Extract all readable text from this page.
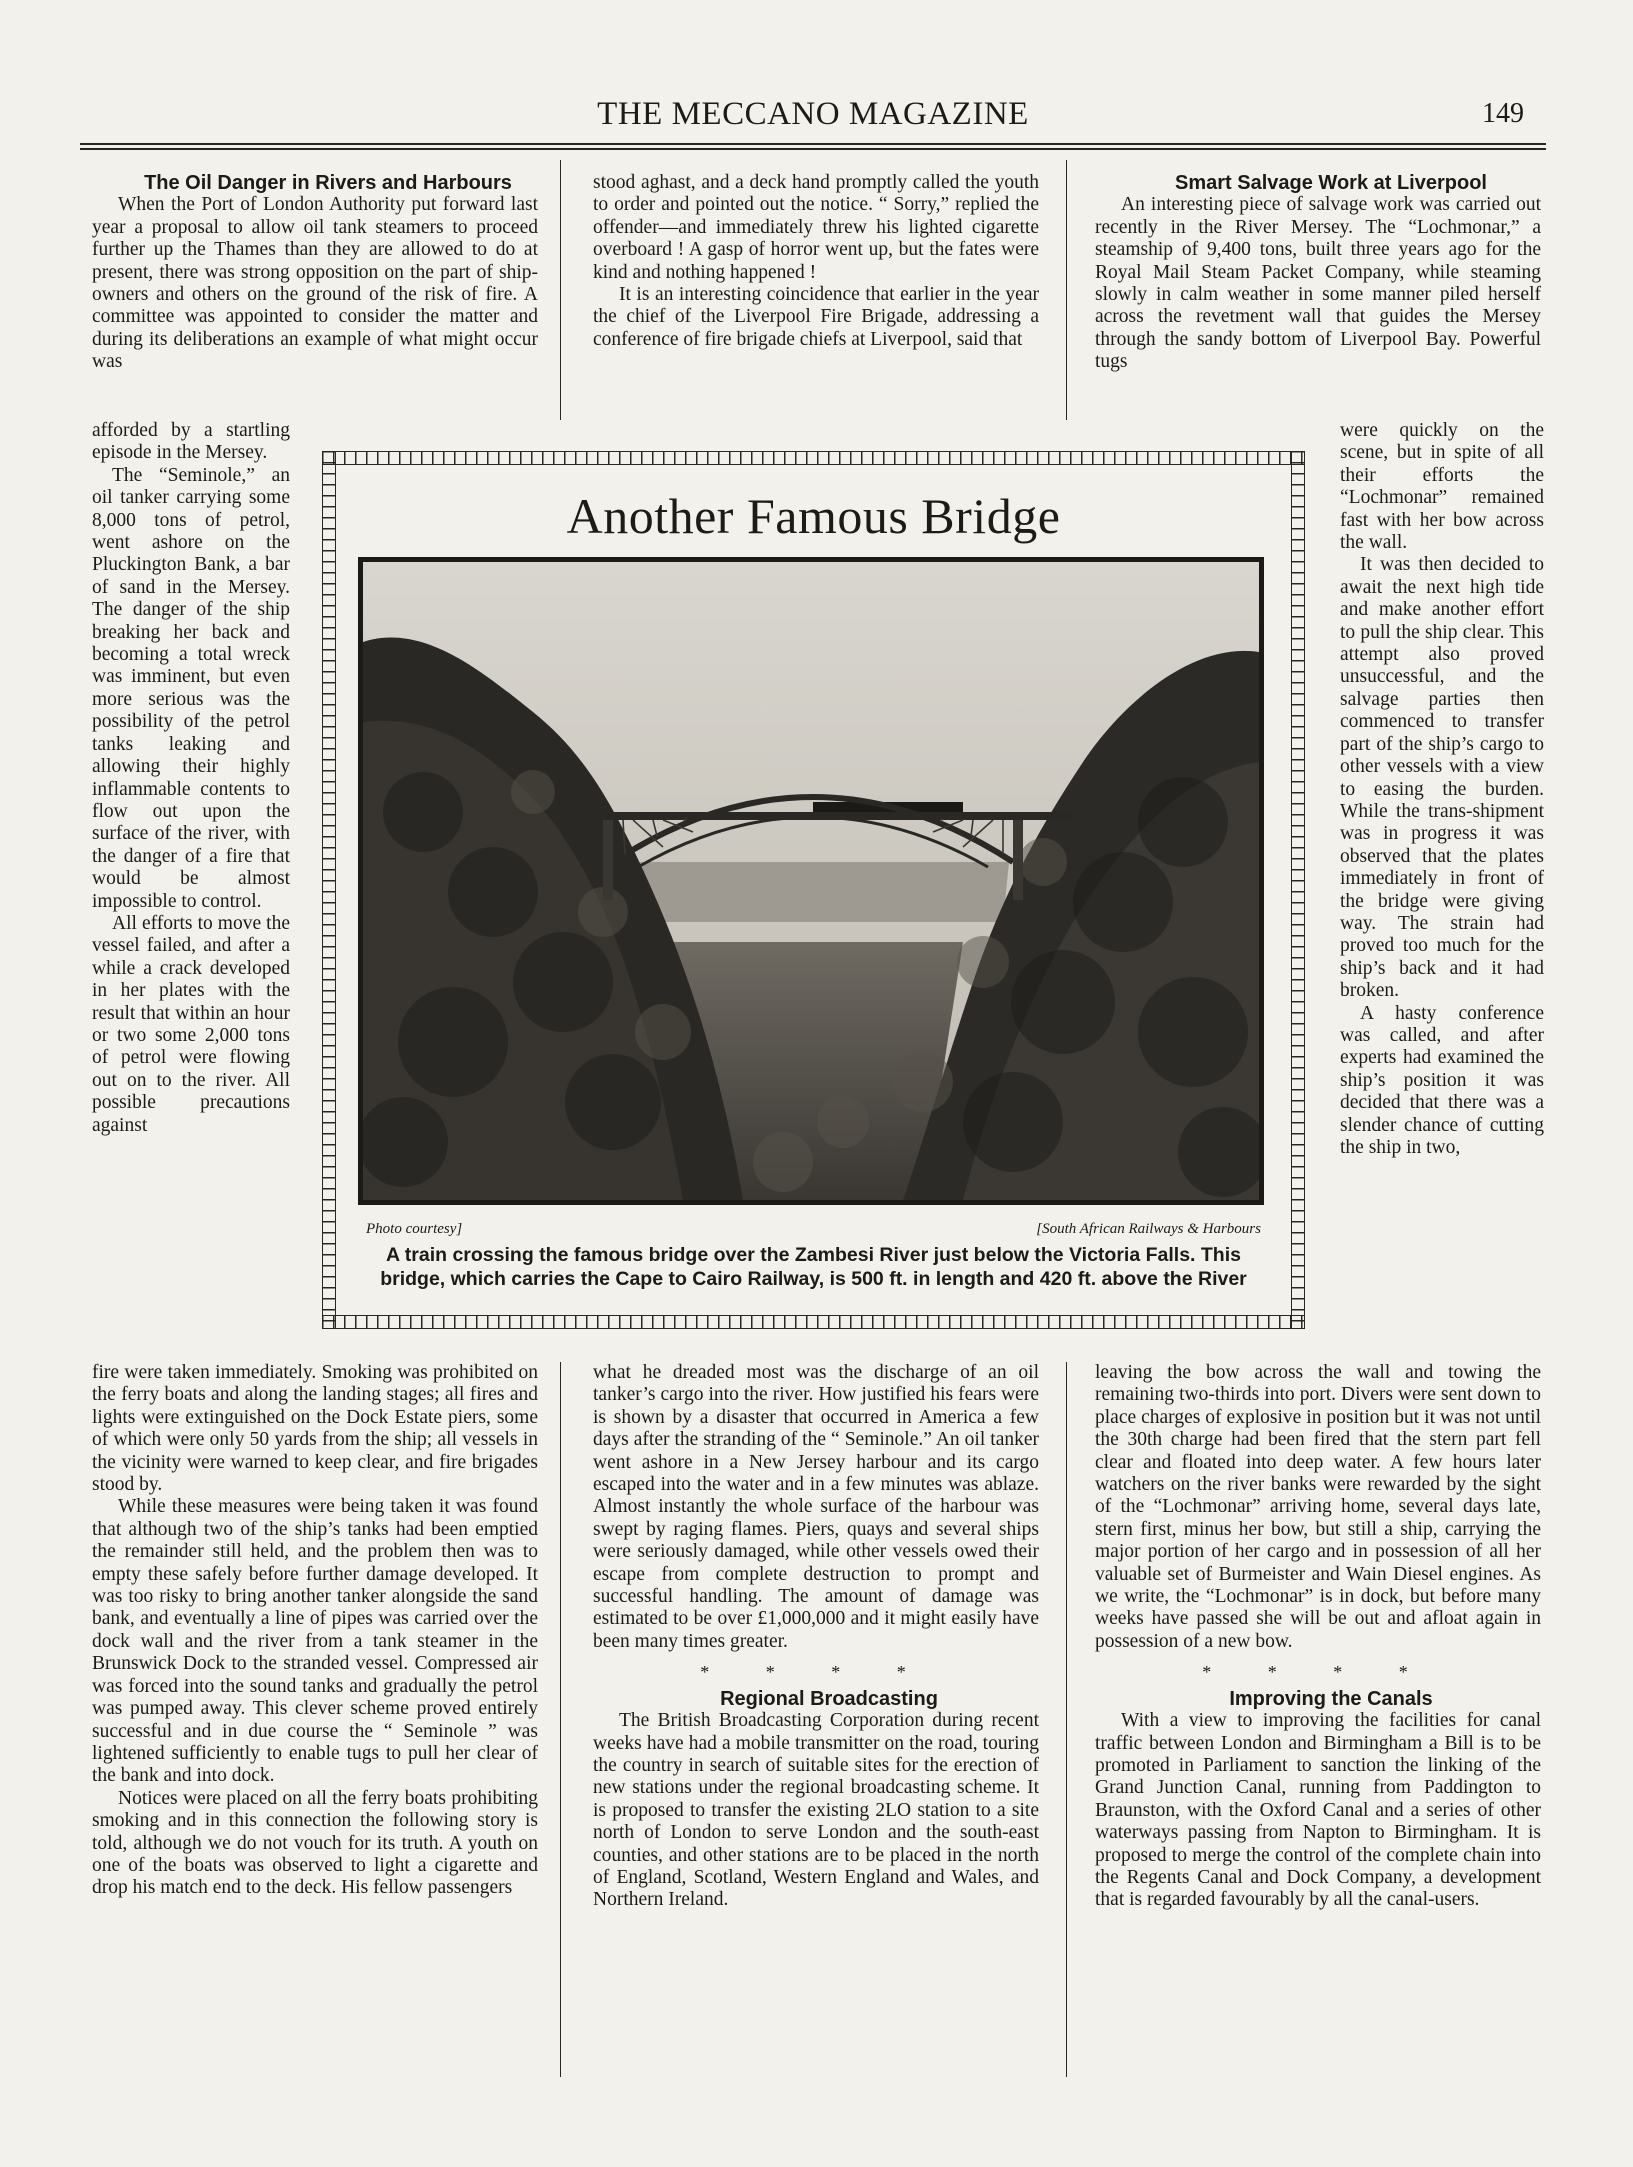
THE MECCANO MAGAZINE	149

The Oil Danger in Rivers and Harbours

When the Port of London Authority put forward last year a proposal to allow oil tank steamers to proceed further up the Thames than they are allowed to do at present, there was strong opposition on the part of ship-owners and others on the ground of the risk of fire. A committee was appointed to consider the matter and during its deliberations an example of what might occur was

afforded by a startling episode in the Mersey.

The “Seminole,” an oil tanker carrying some 8,000 tons of petrol, went ashore on the Pluckington Bank, a bar of sand in the Mersey. The danger of the ship breaking her back and becoming a total wreck was imminent, but even more serious was the possibility of the petrol tanks leaking and allowing their highly inflammable contents to flow out upon the surface of the river, with the danger of a fire that would be almost impossible to control.

All efforts to move the vessel failed, and after a while a crack developed in her plates with the result that within an hour or two some 2,000 tons of petrol were flowing out on to the river. All possible precautions against

fire were taken immediately. Smoking was prohibited on the ferry boats and along the landing stages; all fires and lights were extinguished on the Dock Estate piers, some of which were only 50 yards from the ship; all vessels in the vicinity were warned to keep clear, and fire brigades stood by.

While these measures were being taken it was found that although two of the ship’s tanks had been emptied the remainder still held, and the problem then was to empty these safely before further damage developed. It was too risky to bring another tanker alongside the sand bank, and eventually a line of pipes was carried over the dock wall and the river from a tank steamer in the Brunswick Dock to the stranded vessel. Compressed air was forced into the sound tanks and gradually the petrol was pumped away. This clever scheme proved entirely successful and in due course the “ Seminole ” was lightened sufficiently to enable tugs to pull her clear of the bank and into dock.

Notices were placed on all the ferry boats prohibiting smoking and in this connection the following story is told, although we do not vouch for its truth. A youth on one of the boats was observed to light a cigarette and drop his match end to the deck. His fellow passengers

stood aghast, and a deck hand promptly called the youth to order and pointed out the notice. “ Sorry,” replied the offender—and immediately threw his lighted cigarette overboard ! A gasp of horror went up, but the fates were kind and nothing happened !

It is an interesting coincidence that earlier in the year the chief of the Liverpool Fire Brigade, addressing a conference of fire brigade chiefs at Liverpool, said that

what he dreaded most was the discharge of an oil tanker’s cargo into the river. How justified his fears were is shown by a disaster that occurred in America a few days after the stranding of the “ Seminole.” An oil tanker went ashore in a New Jersey harbour and its cargo escaped into the water and in a few minutes was ablaze. Almost instantly the whole surface of the harbour was swept by raging flames. Piers, quays and several ships were seriously damaged, while other vessels owed their escape from complete destruction to prompt and successful handling. The amount of damage was estimated to be over £1,000,000 and it might easily have been many times greater.

* * * *

Regional Broadcasting

The British Broadcasting Corporation during recent weeks have had a mobile transmitter on the road, touring the country in search of suitable sites for the erection of new stations under the regional broadcasting scheme. It is proposed to transfer the existing 2LO station to a site north of London to serve London and the south-east counties, and other stations are to be placed in the north of England, Scotland, Western England and Wales, and Northern Ireland.

Smart Salvage Work at Liverpool

An interesting piece of salvage work was carried out recently in the River Mersey. The “Lochmonar,” a steamship of 9,400 tons, built three years ago for the Royal Mail Steam Packet Company, while steaming slowly in calm weather in some manner piled herself across the revetment wall that guides the Mersey through the sandy bottom of Liverpool Bay. Powerful tugs

were quickly on the scene, but in spite of all their efforts the “Lochmonar” remained fast with her bow across the wall.

It was then decided to await the next high tide and make another effort to pull the ship clear. This attempt also proved unsuccessful, and the salvage parties then commenced to transfer part of the ship’s cargo to other vessels with a view to easing the burden. While the trans-shipment was in progress it was observed that the plates immediately in front of the bridge were giving way. The strain had proved too much for the ship’s back and it had broken.

A hasty conference was called, and after experts had examined the ship’s position it was decided that there was a slender chance of cutting the ship in two,

leaving the bow across the wall and towing the remaining two-thirds into port. Divers were sent down to place charges of explosive in position but it was not until the 30th charge had been fired that the stern part fell clear and floated into deep water. A few hours later watchers on the river banks were rewarded by the sight of the “Lochmonar” arriving home, several days late, stern first, minus her bow, but still a ship, carrying the major portion of her cargo and in possession of all her valuable set of Burmeister and Wain Diesel engines. As we write, the “Lochmonar” is in dock, but before many weeks have passed she will be out and afloat again in possession of a new bow.

* * * *

Improving the Canals

With a view to improving the facilities for canal traffic between London and Birmingham a Bill is to be promoted in Parliament to sanction the linking of the Grand Junction Canal, running from Paddington to Braunston, with the Oxford Canal and a series of other waterways passing from Napton to Birmingham. It is proposed to merge the control of the complete chain into the Regents Canal and Dock Company, a development that is regarded favourably by all the canal-users.

Another Famous Bridge
Photo courtesy]	[South African Railways & Harbours
A train crossing the famous bridge over the Zambesi River just below the Victoria Falls. This bridge, which carries the Cape to Cairo Railway, is 500 ft. in length and 420 ft. above the River
